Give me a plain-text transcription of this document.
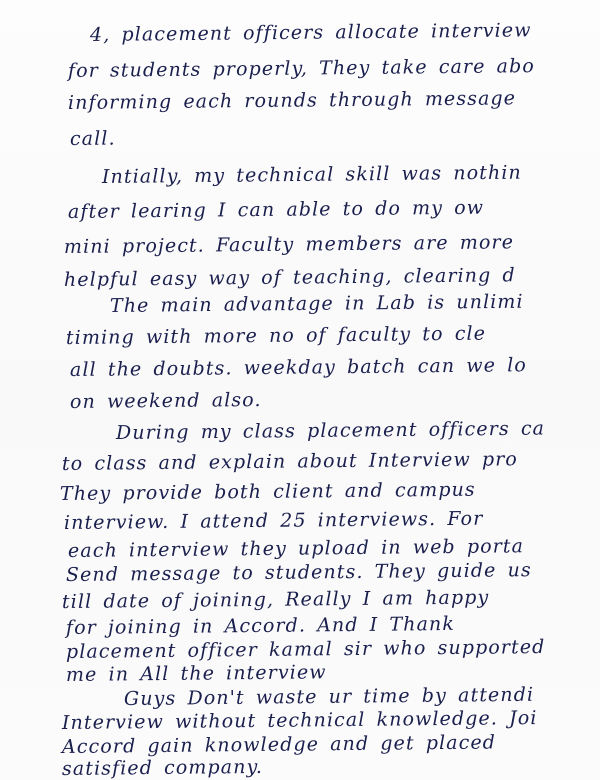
4, placement officers allocate interview
for students properly, They take care abo
informing each rounds through message
call.
Intially, my technical skill was nothin
after learing I can able to do my ow
mini project. Faculty members are more
helpful easy way of teaching, clearing d
The main advantage in Lab is unlimi
timing with more no of faculty to cle
all the doubts. weekday batch can we lo
on weekend also.
During my class placement officers ca
to class and explain about Interview pro
They provide both client and campus
interview. I attend 25 interviews. For
each interview they upload in web porta
Send message to students. They guide us
till date of joining, Really I am happy
for joining in Accord. And I Thank
placement officer kamal sir who supported
me in All the interview
Guys Don't waste ur time by attendi
Interview without technical knowledge. Joi
Accord gain knowledge and get placed
satisfied company.
